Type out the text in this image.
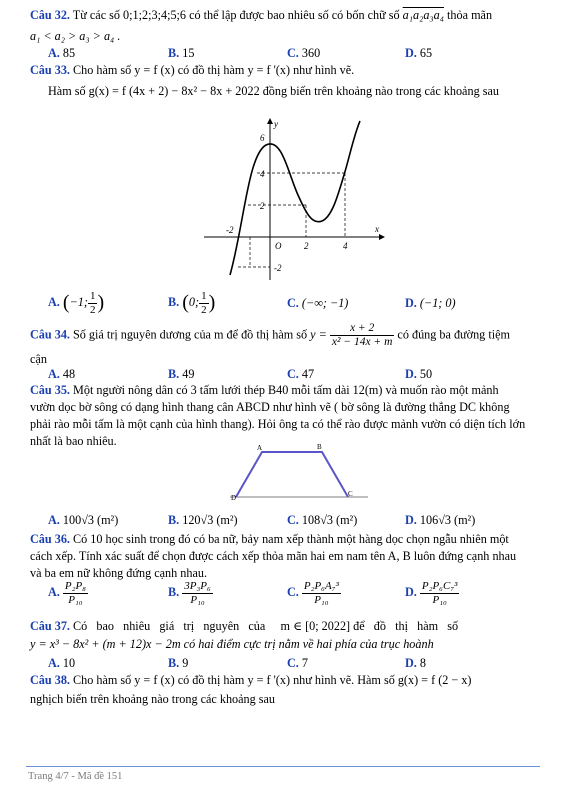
Câu 32. Từ các số 0;1;2;3;4;5;6 có thể lập được bao nhiêu số có bốn chữ số a₁a₂a₃a₄ thỏa mãn
a₁ < a₂ > a₃ > a₄ .
A. 85	B. 15	C. 360	D. 65
Câu 33. Cho hàm số y = f (x) có đồ thị hàm y = f '(x) như hình vẽ.
Hàm số g(x) = f (4x + 2) − 8x² − 8x + 2022 đồng biến trên khoảng nào trong các khoảng sau
y
x
O
6
4
2
-2
-2
2	4
A. (−1; $\frac{1}{2}$ )	B. (0; $\frac{1}{2}$ )	C. (−∞; −1)	D. (−1; 0)
Câu 34. Số giá trị nguyên dương của m để đồ thị hàm số $y = \frac{x + 2}{\text{x² − 14x + m}}$ có đúng ba đường tiệm
cận
A. 48	B. 49	C. 47	D. 50
Câu 35. Một người nông dân có 3 tấm lưới thép B40 mỗi tấm dài 12(m) và muốn rào một mảnh
vườn dọc bờ sông có dạng hình thang cân ABCD như hình vẽ ( bờ sông là đường thẳng DC không
phải rào mỗi tấm là một cạnh của hình thang). Hỏi ông ta có thể rào được mảnh vườn có diện tích lớn
nhất là bao nhiêu.	A	B
C
D
A. 100√3 (m²)	B. 120√3 (m²)	C. 108√3 (m²)	D. 106√3 (m²)
Câu 36. Có 10 học sinh trong đó có ba nữ, bảy nam xếp thành một hàng dọc chọn ngẫu nhiên một
cách xếp. Tính xác suất để chọn được cách xếp thỏa mãn hai em nam tên A, B luôn đứng cạnh nhau
và ba em nữ không đứng cạnh nhau.
A. $\frac{\text{P₂P₈}}{\text{P₁₀}}$	B. $\frac{\text{3P₃P₆}}{\text{P₁₀}}$	C. $\frac{\text{P₂P₆A₇³}}{\text{P₁₀}}$	D. $\frac{\text{P₂P₆C₇³}}{\text{P₁₀}}$
Câu 37. Có   bao   nhiêu   giá   trị   nguyên   của     m ∈ [0; 2022] để   đồ   thị   hàm   số
y = x³ − 8x² + (m + 12)x − 2m có hai điểm cực trị nằm về hai phía của trục hoành
A. 10	B. 9	C. 7	D. 8
Câu 38. Cho hàm số y = f (x) có đồ thị hàm y = f '(x) như hình vẽ. Hàm số g(x) = f (2 − x)
nghịch biến trên khoảng nào trong các khoảng sau
Trang 4/7 - Mã đề 151
